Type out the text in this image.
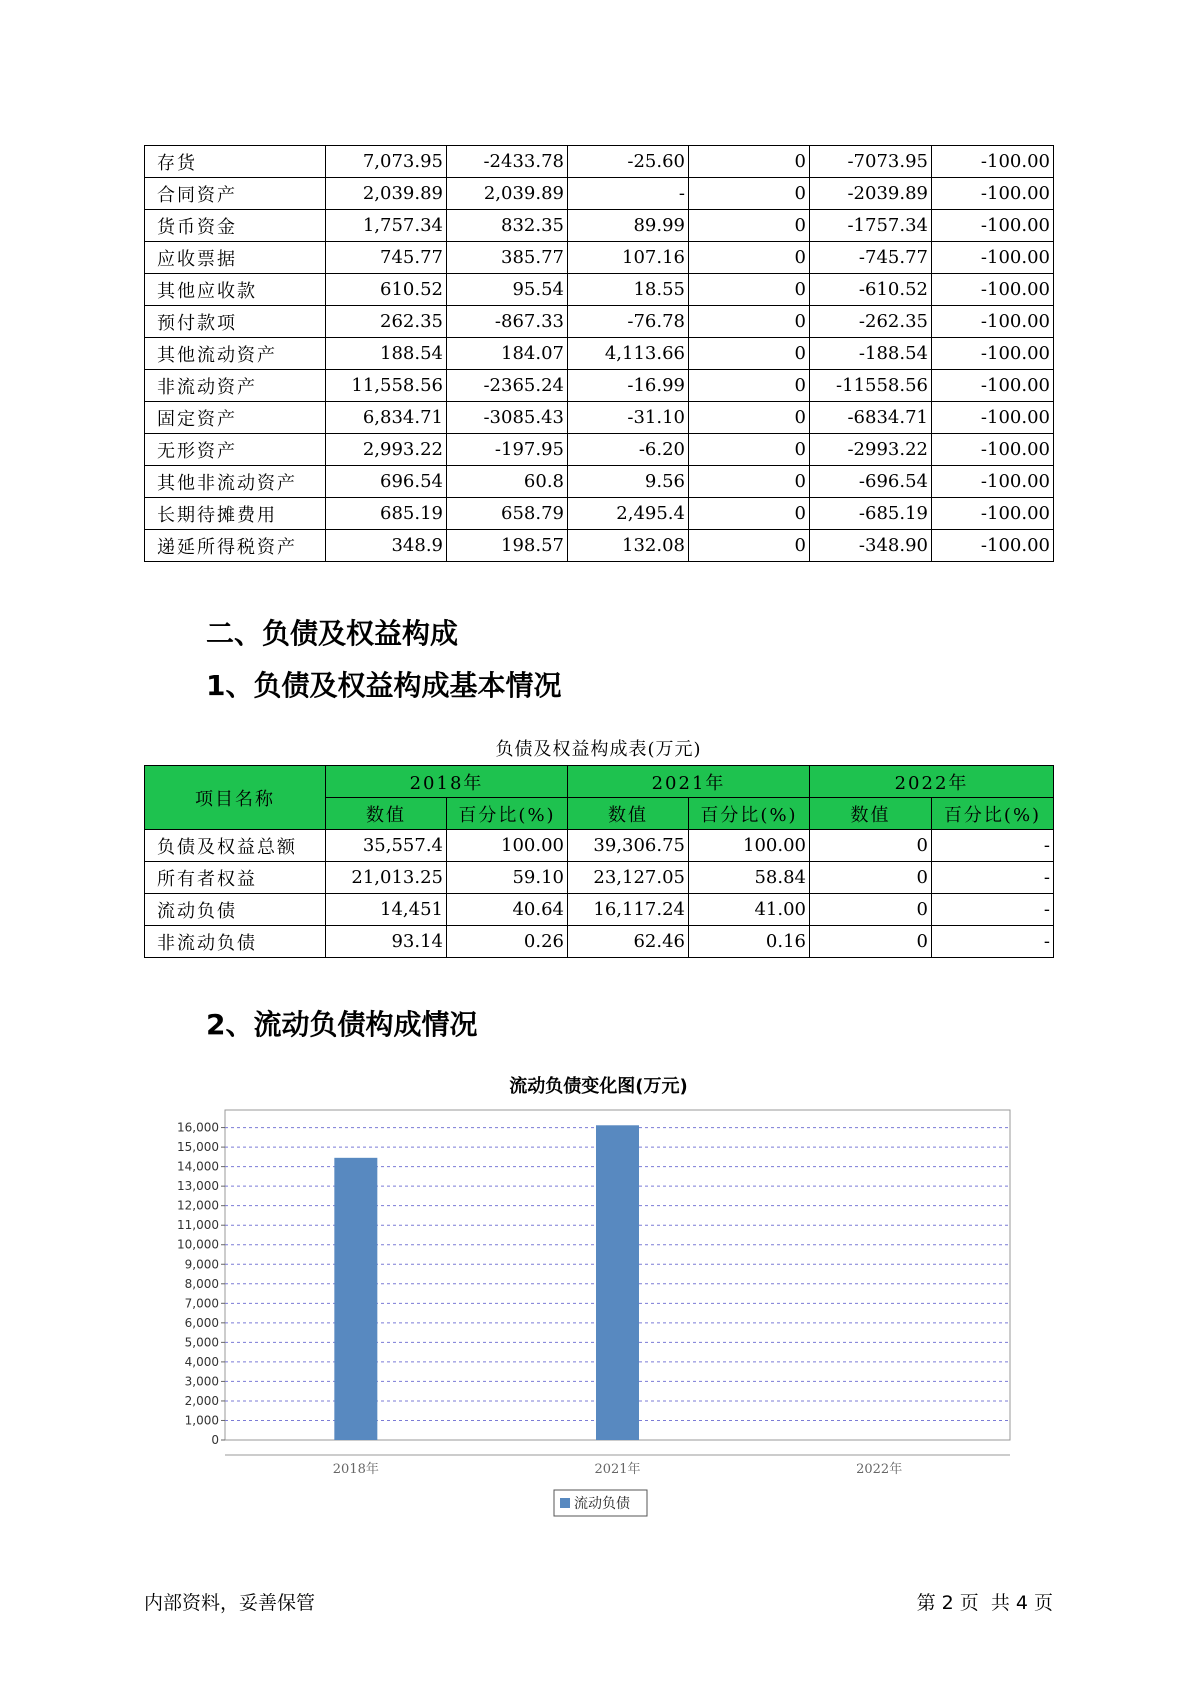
存货	7,073.95	-2433.78	-25.60	0	-7073.95	-100.00
合同资产	2,039.89	2,039.89	-	0	-2039.89	-100.00
货币资金	1,757.34	832.35	89.99	0	-1757.34	-100.00
应收票据	745.77	385.77	107.16	0	-745.77	-100.00
其他应收款	610.52	95.54	18.55	0	-610.52	-100.00
预付款项	262.35	-867.33	-76.78	0	-262.35	-100.00
其他流动资产	188.54	184.07	4,113.66	0	-188.54	-100.00
非流动资产	11,558.56	-2365.24	-16.99	0	-11558.56	-100.00
固定资产	6,834.71	-3085.43	-31.10	0	-6834.71	-100.00
无形资产	2,993.22	-197.95	-6.20	0	-2993.22	-100.00
其他非流动资产	696.54	60.8	9.56	0	-696.54	-100.00
长期待摊费用	685.19	658.79	2,495.4	0	-685.19	-100.00
递延所得税资产	348.9	198.57	132.08	0	-348.90	-100.00
二、负债及权益构成
1、负债及权益构成基本情况
负债及权益构成表(万元)
项目名称	2018年		2021年		2022年	
	数值	百分比(%)	数值	百分比(%)	数值	百分比(%)
负债及权益总额	35,557.4	100.00	39,306.75	100.00	0	-
所有者权益	21,013.25	59.10	23,127.05	58.84	0	-
流动负债	14,451	40.64	16,117.24	41.00	0	-
非流动负债	93.14	0.26	62.46	0.16	0	-
2、流动负债构成情况
流动负债变化图(万元)
0
1,000
2,000
3,000
4,000
5,000
6,000
7,000
8,000
9,000
10,000
11,000
12,000
13,000
14,000
15,000
16,000
2018年	2021年	2022年
流动负债
内部资料，妥善保管	第 2 页  共 4 页
